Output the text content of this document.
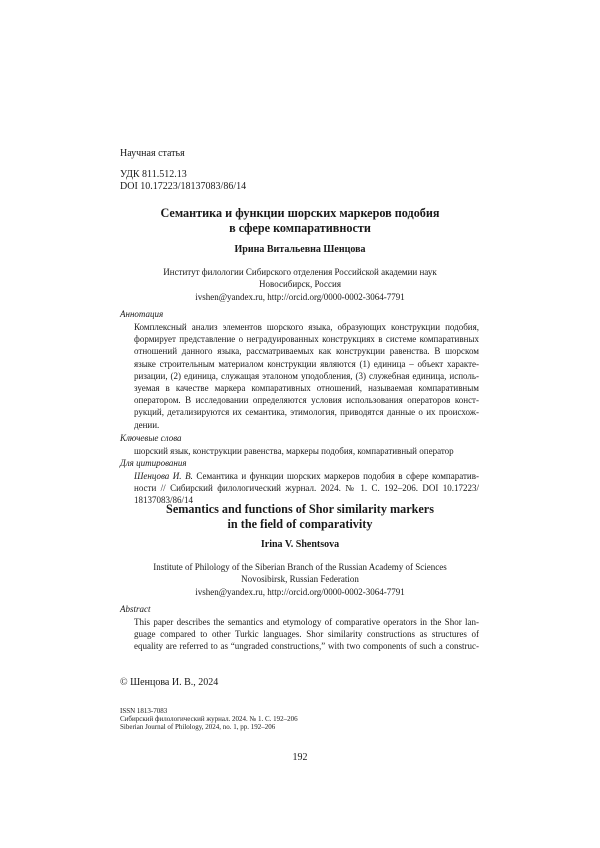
Научная статья
УДК 811.512.13
DOI 10.17223/18137083/86/14
Семантика и функции шорских маркеров подобия
в сфере компаративности
Ирина Витальевна Шенцова
Институт филологии Сибирского отделения Российской академии наук
Новосибирск, Россия
ivshen@yandex.ru, http://orcid.org/0000-0002-3064-7791
Аннотация
Комплексный анализ элементов шорского языка, образующих конструкции подобия,
формирует представление о неградуированных конструкциях в системе компаративных
отношений данного языка, рассматриваемых как конструкции равенства. В шорском
языке строительным материалом конструкции являются (1) единица – объект характе-
ризации, (2) единица, служащая эталоном уподобления, (3) служебная единица, исполь-
зуемая в качестве маркера компаративных отношений, называемая компаративным
оператором. В исследовании определяются условия использования операторов конст-
рукций, детализируются их семантика, этимология, приводятся данные о их происхож-
дении.
Ключевые слова
шорский язык, конструкции равенства, маркеры подобия, компаративный оператор
Для цитирования
Шенцова И. В. Семантика и функции шорских маркеров подобия в сфере компаратив-
ности // Сибирский филологический журнал. 2024. № 1. С. 192–206. DOI 10.17223/
18137083/86/14
Semantics and functions of Shor similarity markers
in the field of comparativity
Irina V. Shentsova
Institute of Philology of the Siberian Branch of the Russian Academy of Sciences
Novosibirsk, Russian Federation
ivshen@yandex.ru, http://orcid.org/0000-0002-3064-7791
Abstract
This paper describes the semantics and etymology of comparative operators in the Shor lan-
guage compared to other Turkic languages. Shor similarity constructions as structures of
equality are referred to as “ungraded constructions,” with two components of such a construc-
© Шенцова И. В., 2024
ISSN 1813-7083
Сибирский филологический журнал. 2024. № 1. С. 192–206
Siberian Journal of Philology, 2024, no. 1, pp. 192–206
192
